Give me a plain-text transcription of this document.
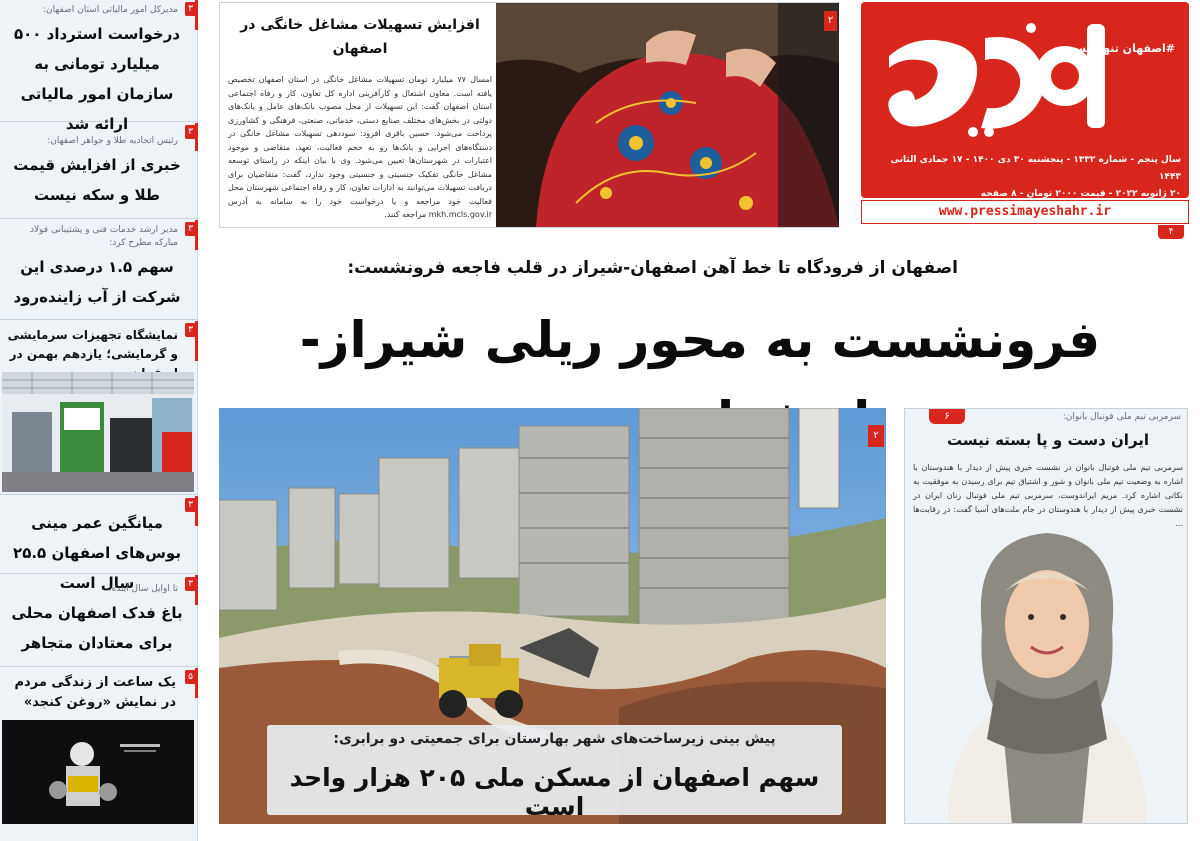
۳
مدیرکل امور مالیاتی استان اصفهان:
درخواست استرداد ۵۰۰ میلیارد تومانی به سازمان امور مالیاتی ارائه شد	۳
رئیس اتحادیه طلا و جواهر اصفهان:
خبری از افزایش قیمت طلا و سکه نیست
۳
مدیر ارشد خدمات فنی و پشتیبانی فولاد مبارکه مطرح کرد:
سهم ۱.۵ درصدی این شرکت از آب زاینده‌رود
۳
نمایشگاه تجهیزات سرمایشی و گرمایشی؛ یازدهم بهمن در
۳
میانگین عمر مینی بوس‌های اصفهان ۲۵.۵ سال است	۳
تا اوایل سال آینده:
باغ فدک اصفهان محلی برای معتادان متجاهر
۵
یک ساعت از زندگی مردم در نمایش «روغن کنجد»
#اصفهان تنها نیست
سال پنجم - شماره ۱۳۳۲ - پنجشنبه ۳۰ دی ۱۴۰۰ - ۱۷ جمادی الثانی ۱۴۴۳
۲۰ ژانویه ۲۰۲۲ - قیمت ۲۰۰۰ تومان - ۸ صفحه
www.pressimayeshahr.ir
۴
افزایش تسهیلات مشاغل خانگی در اصفهان
امسال ۷۷ میلیارد تومان تسهیلات مشاغل خانگی در استان اصفهان تخصیص یافته است. معاون اشتغال و کارآفرینی اداره کل تعاون، کار و رفاه اجتماعی استان اصفهان گفت: این تسهیلات از محل مصوب بانک‌های عامل و بانک‌های دولتی در بخش‌های مختلف صنایع دستی، خدماتی، صنعتی، فرهنگی و کشاورزی پرداخت می‌شود. حسین باقری افزود: سوددهی تسهیلات مشاغل خانگی در دستگاه‌های اجرایی و بانک‌ها رو به حجم فعالیت، تعهد، متقاضی و موجود اعتبارات در شهرستان‌ها تعیین می‌شود. وی با بیان اینکه در راستای توسعه مشاغل خانگی تفکیک جنسیتی و جنسیتی وجود ندارد، گفت: متقاضیان برای دریافت تسهیلات می‌توانند به ادارات تعاون، کار و رفاه اجتماعی شهرستان محل فعالیت خود مراجعه و یا درخواست خود را به سامانه به آدرس mkh.mcls.gov.ir مراجعه کنند.
۲
اصفهان از فرودگاه تا خط آهن اصفهان-شیراز در قلب فاجعه فرونشست:
فرونشست به محور ریلی شیراز-
۲
پیش بینی زیرساخت‌های شهر بهارستان برای جمعیتی دو برابری:
سهم اصفهان از مسکن ملی ۲۰۵ هزار واحد است
۶	سرمربی تیم ملی فوتبال بانوان:
ایران دست و پا بسته نیست
سرمربی تیم ملی فوتبال بانوان در نشست خبری پیش از دیدار با هندوستان با اشاره به وضعیت تیم ملی بانوان و شور و اشتیاق تیم برای رسیدن به موفقیت به نکاتی اشاره کرد. مریم ایراندوست، سرمربی تیم ملی فوتبال زنان ایران در نشست خبری پیش از دیدار با هندوستان در جام ملت‌های آسیا گفت: در رقابت‌ها ...
